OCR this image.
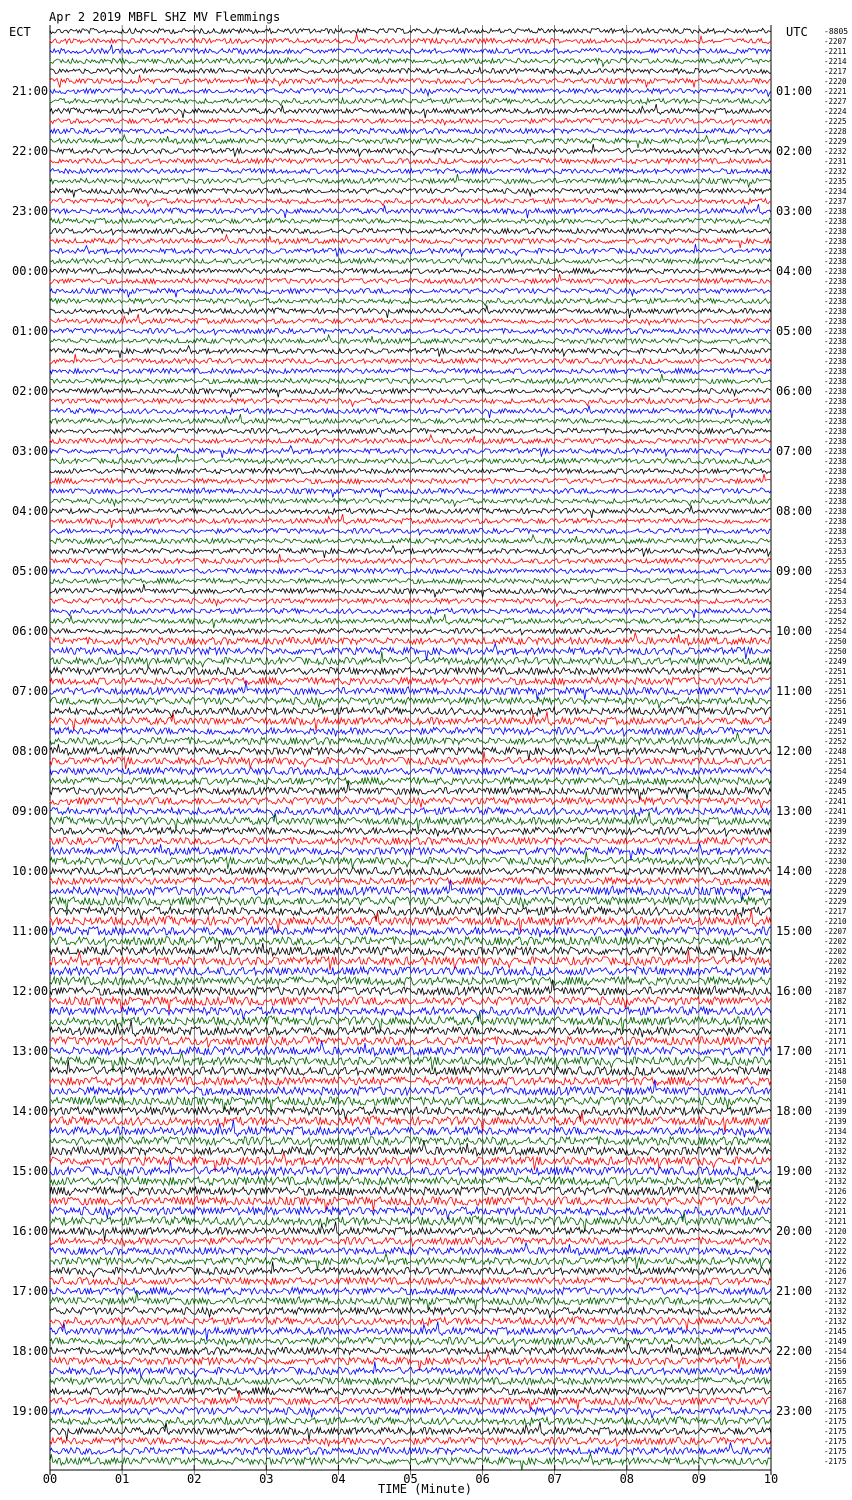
Apr 2 2019 MBFL SHZ MV Flemmings
ECT	UTC -8805
21:00
22:00
23:00
00:00
01:00
02:00
03:00
04:00
05:00
06:00
07:00
08:00
09:00
10:00
11:00
12:00
13:00
14:00
15:00
16:00
17:00
18:00
19:00
01:00
02:00
03:00
04:00
05:00
06:00
07:00
08:00
09:00
10:00
11:00
12:00
13:00
14:00
15:00
16:00
17:00
18:00
19:00
20:00
21:00
22:00
23:00
-2207
-2211
-2214
-2217
-2220
-2221
-2227
-2224
-2225
-2228
-2229
-2232
-2231
-2232
-2235
-2234
-2237
-2238
-2238
-2238
-2238
-2238
-2238
-2238
-2238
-2238
-2238
-2238
-2238
-2238
-2238
-2238
-2238
-2238
-2238
-2238
-2238
-2238
-2238
-2238
-2238
-2238
-2238
-2238
-2238
-2238
-2238
-2238
-2238
-2238
-2253
-2253
-2255
-2253
-2254
-2254
-2253
-2254
-2252
-2254
-2250
-2250
-2249
-2251
-2251
-2251
-2256
-2251
-2249
-2251
-2252
-2248
-2251
-2254
-2249
-2245
-2241
-2241
-2239
-2239
-2232
-2232
-2230
-2228
-2229
-2229
-2229
-2217
-2210
-2207
-2202
-2202
-2202
-2192
-2192
-2187
-2182
-2171
-2171
-2171
-2171
-2171
-2151
-2148
-2150
-2141
-2139
-2139
-2139
-2134
-2132
-2132
-2132
-2132
-2132
-2126
-2122
-2121
-2121
-2120
-2122
-2122
-2122
-2126
-2127
-2132
-2132
-2132
-2132
-2145
-2149
-2154
-2156
-2159
-2165
-2167
-2168
-2175
-2175
-2175
-2175
-2175
-2175
00	01	02	03	04	05	06	07	08	09	10
TIME (Minute)
